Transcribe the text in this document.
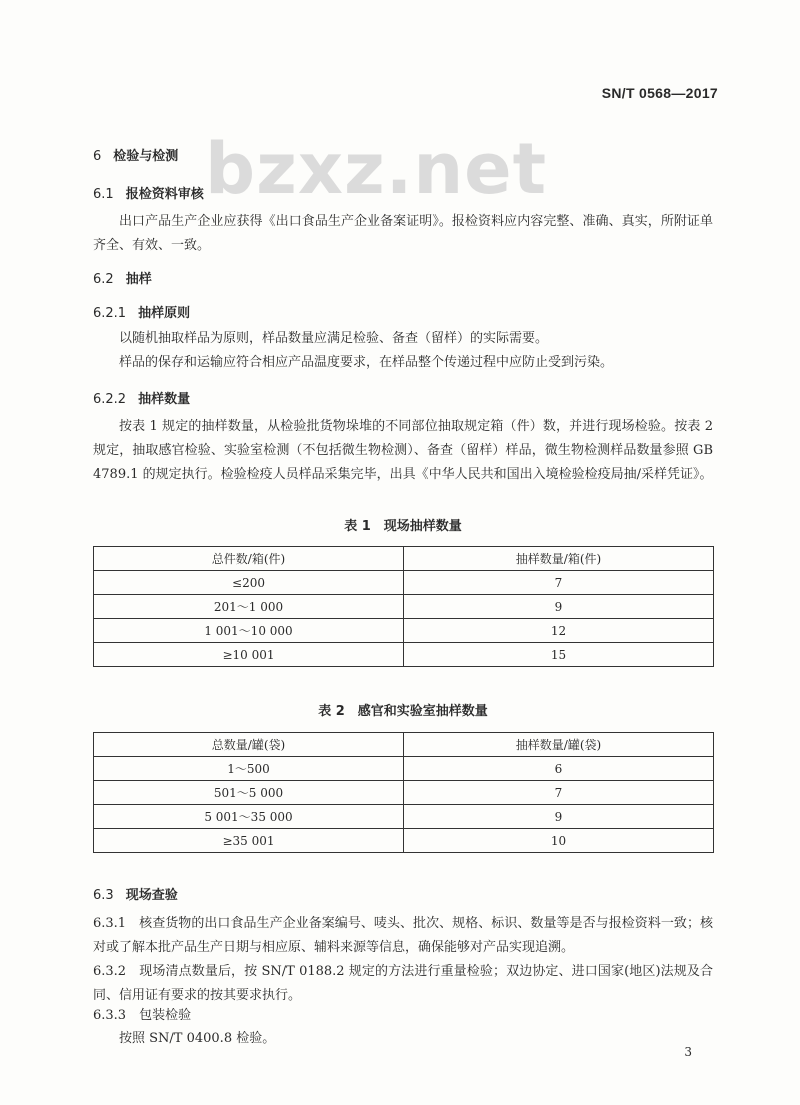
SN/T 0568—2017
bzxz.net
6 检验与检测
6.1 报检资料审核
出口产品生产企业应获得《出口食品生产企业备案证明》。报检资料应内容完整、准确、真实，所附证单齐全、有效、一致。
6.2 抽样
6.2.1 抽样原则
以随机抽取样品为原则，样品数量应满足检验、备查（留样）的实际需要。
样品的保存和运输应符合相应产品温度要求，在样品整个传递过程中应防止受到污染。
6.2.2 抽样数量
按表 1 规定的抽样数量，从检验批货物垛堆的不同部位抽取规定箱（件）数，并进行现场检验。按表 2 规定，抽取感官检验、实验室检测（不包括微生物检测）、备查（留样）样品，微生物检测样品数量参照 GB 4789.1 的规定执行。检验检疫人员样品采集完毕，出具《中华人民共和国出入境检验检疫局抽/采样凭证》。
表 1　现场抽样数量
总件数/箱(件)	抽样数量/箱(件)
≤200	7
201～1 000	9
1 001～10 000	12
≥10 001	15
表 2　感官和实验室抽样数量
总数量/罐(袋)	抽样数量/罐(袋)
1～500	6
501～5 000	7
5 001～35 000	9
≥35 001	10
6.3 现场查验
6.3.1　核查货物的出口食品生产企业备案编号、唛头、批次、规格、标识、数量等是否与报检资料一致；核对或了解本批产品生产日期与相应原、辅料来源等信息，确保能够对产品实现追溯。
6.3.2　现场清点数量后，按 SN/T 0188.2 规定的方法进行重量检验；双边协定、进口国家(地区)法规及合同、信用证有要求的按其要求执行。
6.3.3　包装检验
按照 SN/T 0400.8 检验。
3
